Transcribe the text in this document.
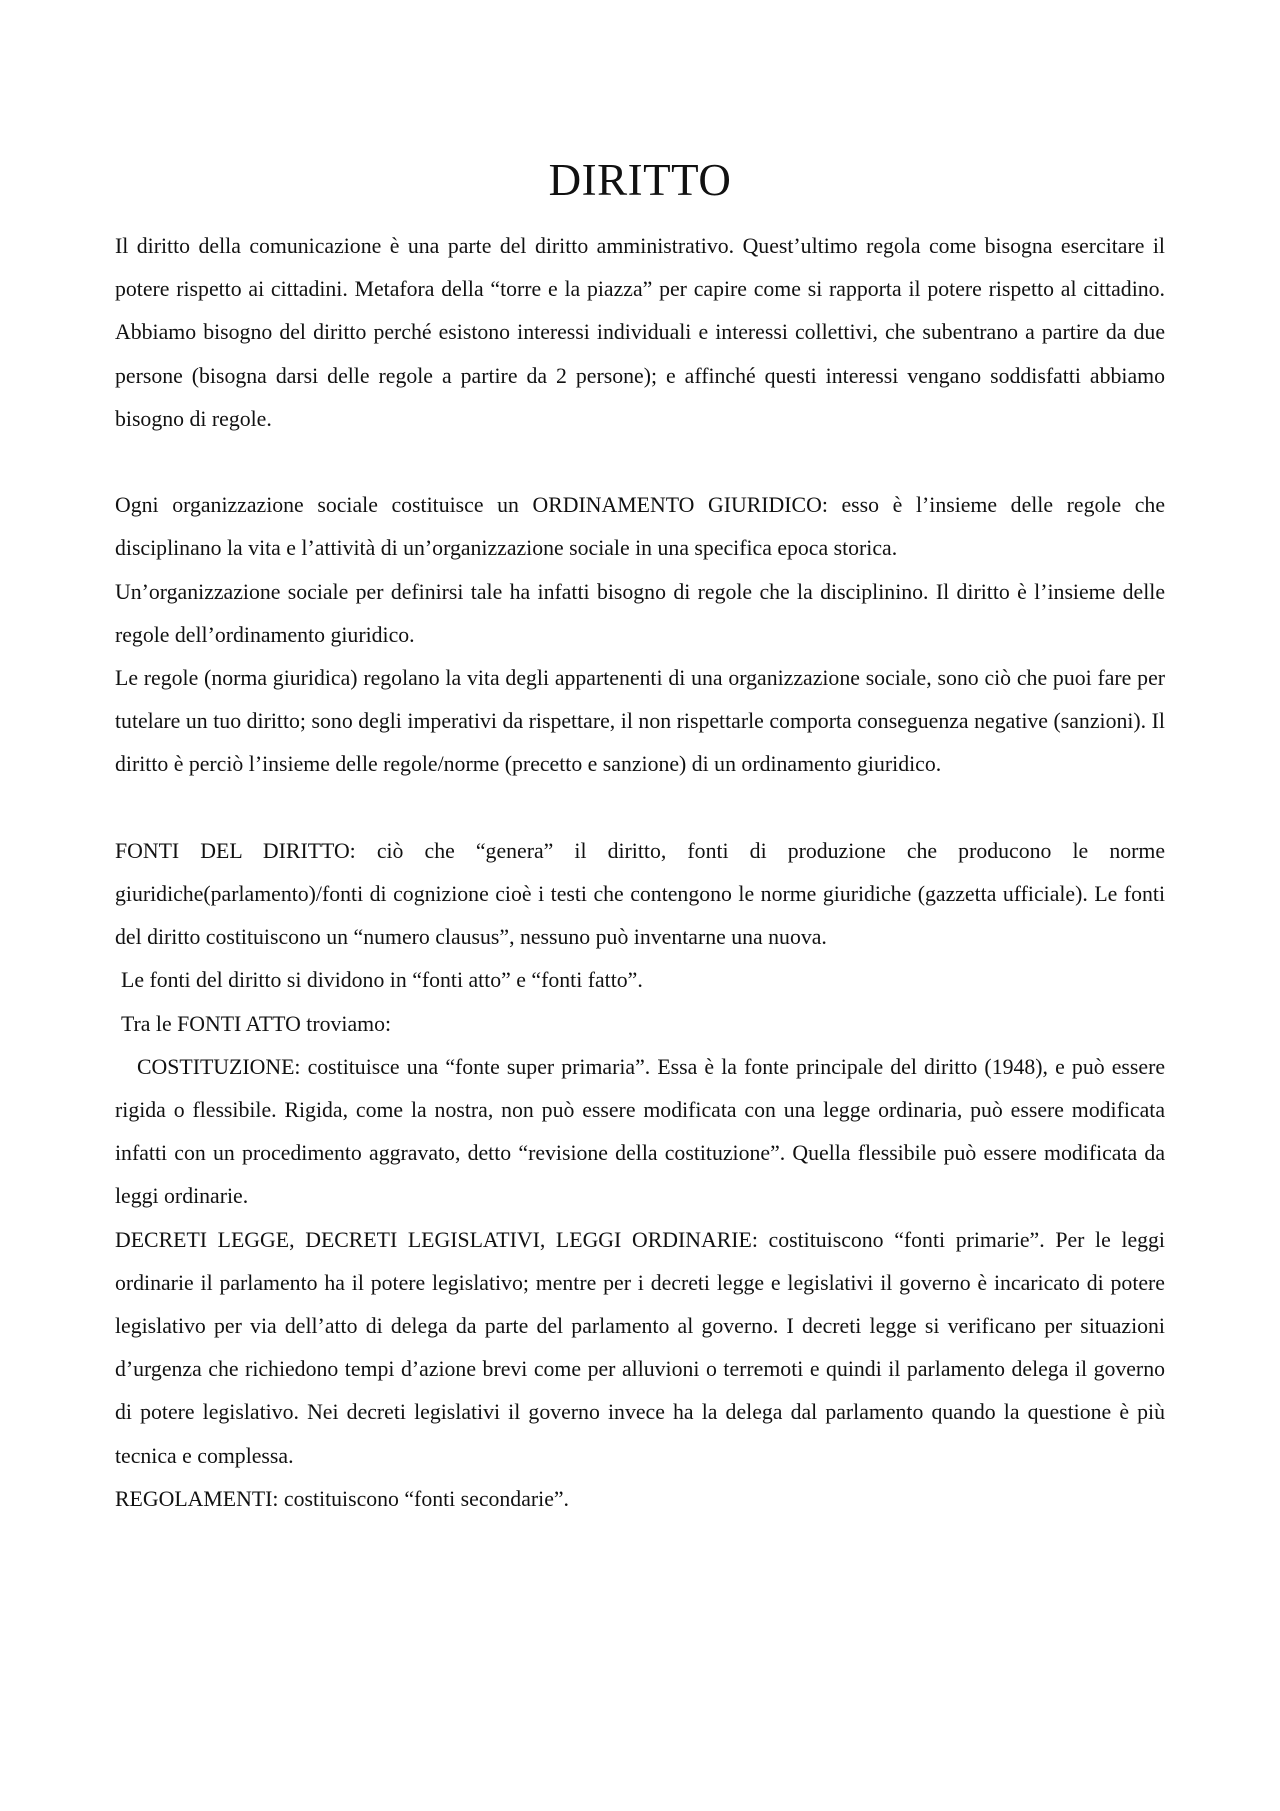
DIRITTO

Il diritto della comunicazione è una parte del diritto amministrativo. Quest’ultimo regola come bisogna esercitare il potere rispetto ai cittadini. Metafora della “torre e la piazza” per capire come si rapporta il potere rispetto al cittadino. Abbiamo bisogno del diritto perché esistono interessi individuali e interessi collettivi, che subentrano a partire da due persone (bisogna darsi delle regole a partire da 2 persone); e affinché questi interessi vengano soddisfatti abbiamo bisogno di regole.

Ogni organizzazione sociale costituisce un ORDINAMENTO GIURIDICO: esso è l’insieme delle regole che disciplinano la vita e l’attività di un’organizzazione sociale in una specifica epoca storica.

Un’organizzazione sociale per definirsi tale ha infatti bisogno di regole che la disciplinino. Il diritto è l’insieme delle regole dell’ordinamento giuridico.

Le regole (norma giuridica) regolano la vita degli appartenenti di una organizzazione sociale, sono ciò che puoi fare per tutelare un tuo diritto; sono degli imperativi da rispettare, il non rispettarle comporta conseguenza negative (sanzioni). Il diritto è perciò l’insieme delle regole/norme (precetto e sanzione) di un ordinamento giuridico.

FONTI DEL DIRITTO: ciò che “genera” il diritto, fonti di produzione che producono le norme giuridiche(parlamento)/fonti di cognizione cioè i testi che contengono le norme giuridiche (gazzetta ufficiale). Le fonti del diritto costituiscono un “numero clausus”, nessuno può inventarne una nuova.

Le fonti del diritto si dividono in “fonti atto” e “fonti fatto”.

Tra le FONTI ATTO troviamo:

COSTITUZIONE: costituisce una “fonte super primaria”. Essa è la fonte principale del diritto (1948), e può essere rigida o flessibile. Rigida, come la nostra, non può essere modificata con una legge ordinaria, può essere modificata infatti con un procedimento aggravato, detto “revisione della costituzione”. Quella flessibile può essere modificata da leggi ordinarie.

DECRETI LEGGE, DECRETI LEGISLATIVI, LEGGI ORDINARIE: costituiscono “fonti primarie”. Per le leggi ordinarie il parlamento ha il potere legislativo; mentre per i decreti legge e legislativi il governo è incaricato di potere legislativo per via dell’atto di delega da parte del parlamento al governo. I decreti legge si verificano per situazioni d’urgenza che richiedono tempi d’azione brevi come per alluvioni o terremoti e quindi il parlamento delega il governo di potere legislativo. Nei decreti legislativi il governo invece ha la delega dal parlamento quando la questione è più tecnica e complessa.

REGOLAMENTI: costituiscono “fonti secondarie”.
